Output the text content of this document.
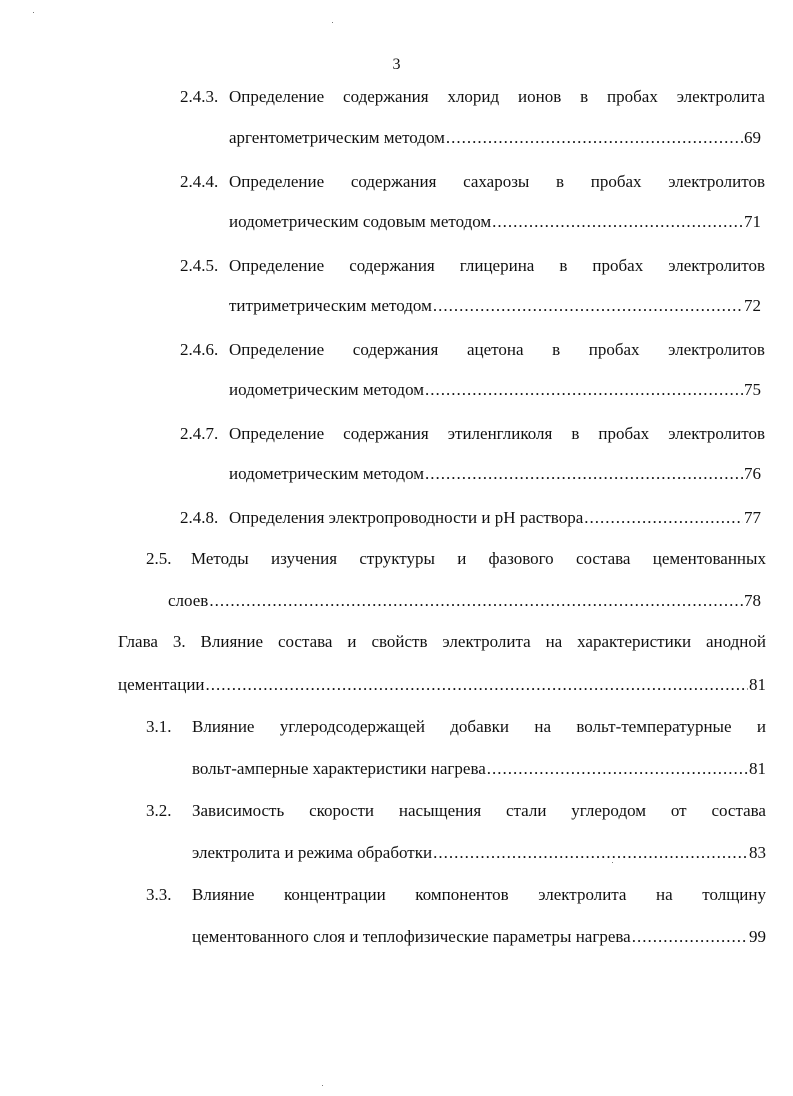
3
2.4.3. Определение содержания хлорид ионов в пробах электролита
аргентометрическим методом .....	69
2.4.4. Определение содержания сахарозы в пробах электролитов
иодометрическим содовым методом .....	71
2.4.5. Определение содержания глицерина в пробах электролитов
титриметрическим методом .....	72
2.4.6. Определение содержания ацетона в пробах электролитов
иодометрическим методом .....	75
2.4.7. Определение содержания этиленгликоля в пробах электролитов
иодометрическим методом .....	76
2.4.8. Определения электропроводности и pH раствора .....	77
2.5. Методы изучения структуры и фазового состава цементованных
слоев .....	78
Глава 3. Влияние состава и свойств электролита на характеристики анодной
цементации .....	81
3.1. Влияние углеродсодержащей добавки на вольт-температурные и
вольт-амперные характеристики нагрева .....	81
3.2. Зависимость скорости насыщения стали углеродом от состава
электролита и режима обработки .....	83
3.3. Влияние концентрации компонентов электролита на толщину
цементованного слоя и теплофизические параметры нагрева .....	99
